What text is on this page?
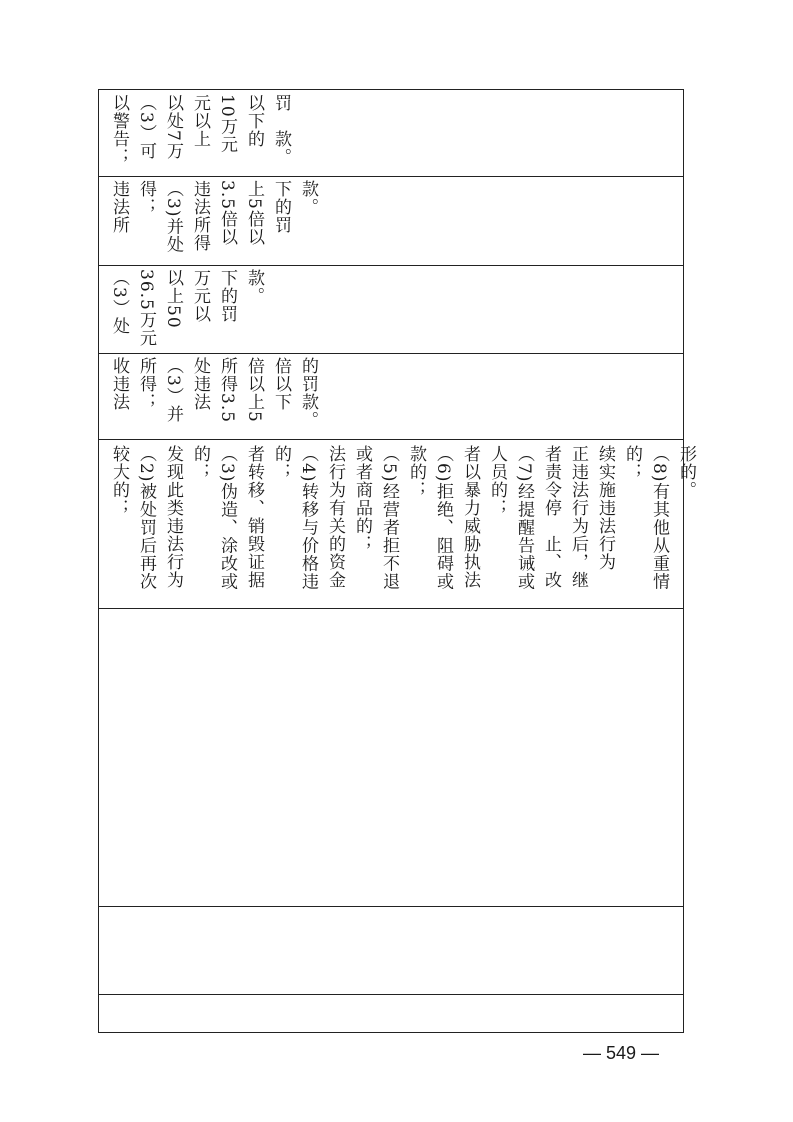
以警告； （3）可 以处7万 元以上 10万元 以下的 罚　款。
违法所 得； （3)并处 违法所得 3.5倍以 上5倍以 下的罚 款。
（3）处 36.5万元 以上50 万元以 下的罚 款。
收违法 所得； （3）并 处违法 所得3.5 倍以上5 倍以下 的罚款。
较大的； （2)被处罚后再次 发现此类违法行为 的； （3)伪造、涂改或 者转移、销毁证据 的； （4)转移与价格违 法行为有关的资金 或者商品的； （5)经营者拒不退 款的； （6)拒绝、阻碍或 者以暴力威胁执法 人员的； （7)经提醒告诫或 者责令停　止、改 正违法行为后，继 续实施违法行为 的； （8)有其他从重情 形的。
— 549 —
